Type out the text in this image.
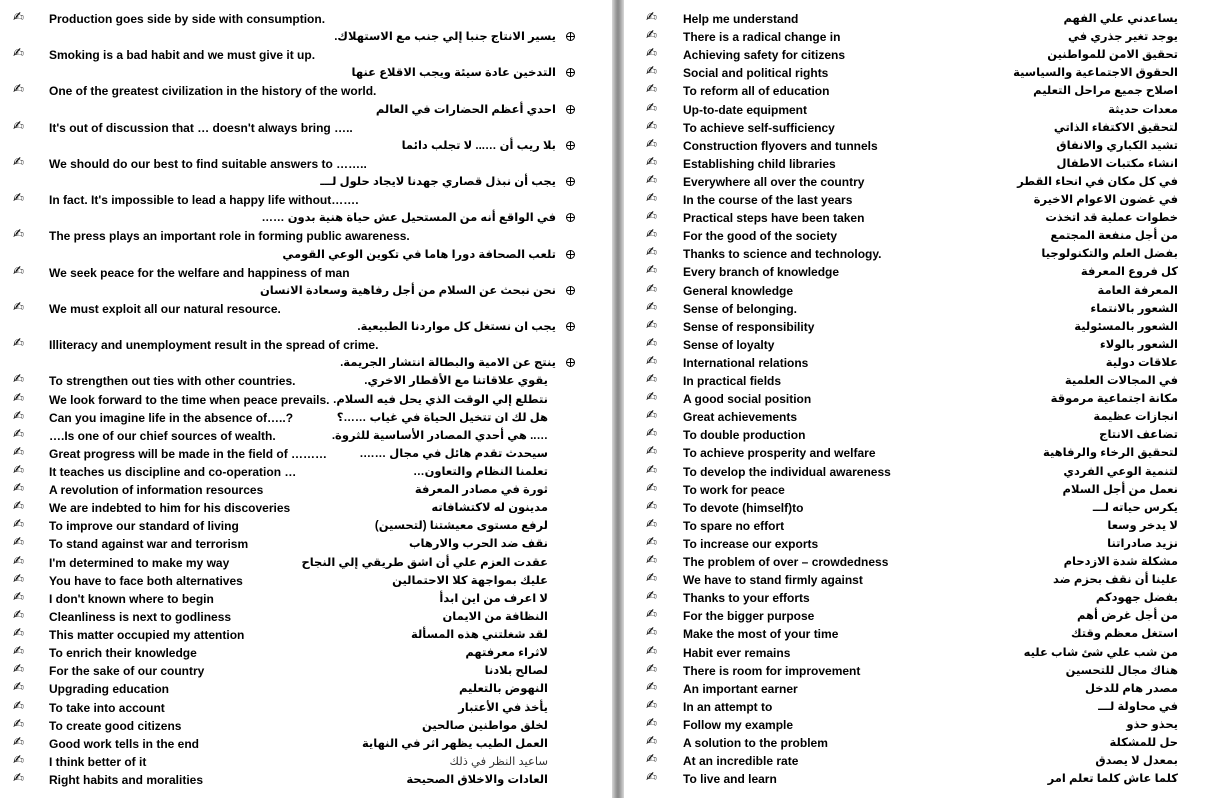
✍ Production goes side by side with consumption.
يسير الانتاج جنبا إلي جنب مع الاستهلاك.
✍ Smoking is a bad habit and we must give it up.
التدخين عادة سيئة ويجب الاقلاع عنها
✍ One of the greatest civilization in the history of the world.
احدي أعظم الحضارات في العالم
✍ It's out of discussion that … doesn't always bring …..
بلا ريب أن …... لا تجلب دائما
✍ We should do our best to find suitable answers to ……..
يجب أن نبذل قصاري جهدنا لايجاد حلول لـــ
✍ In fact. It's impossible to lead a happy life without…….
في الواقع أنه من المستحيل عش حياة هنية بدون ……
✍ The press plays an important role in forming public awareness.
تلعب الصحافة دورا هاما في تكوين الوعي القومي
✍ We seek peace for the welfare and happiness of man
نحن نبحث عن السلام من أجل رفاهية وسعادة الانسان
✍ We must exploit all our natural resource.
يجب ان نستغل كل مواردنا الطبيعية.
✍ Illiteracy and unemployment result in the spread of crime.
ينتج عن الامية والبطالة انتشار الجريمة.
✍ To strengthen out ties with other countries.	يقوي علاقاتنا مع الأقطار الاخري.
✍ We look forward to the time when peace prevails. نتطلع إلي الوقت الذي يحل فيه السلام.
✍ Can you imagine life in the absence of…..?	هل لك ان تتخيل الحياة في غياب ……؟
✍ ….Is one of our chief sources of wealth.	….. هي أحدي المصادر الأساسية للثروة.
✍ Great progress will be made in the field of ………	سيحدث تقدم هائل في مجال …….
✍ It teaches us discipline and co-operation …	تعلمنا النظام والتعاون…
✍ A revolution of information resources	ثورة في مصادر المعرفة
✍ We are indebted to him for his discoveries	مدينون له لاكتشافاته
✍ To improve our standard of living	لرفع مستوى معيشتنا (لتحسين)
✍ To stand against war and terrorism	نقف ضد الحرب والارهاب
✍ I'm determined to make my way	عقدت العزم علي أن اشق طريقي إلي النجاح
✍ You have to face both alternatives	عليك بمواجهة كلا الاحتمالين
✍ I don't known where to begin	لا اعرف من اين ابدأ
✍ Cleanliness is next to godliness	النظافة من الايمان
✍ This matter occupied my attention	لقد شغلتني هذه المسألة
✍ To enrich their knowledge	لاثراء معرفتهم
✍ For the sake of our country	لصالح بلادنا
✍ Upgrading education	النهوض بالتعليم
✍ To take into account	يأخذ في الأعتبار
✍ To create good citizens	لخلق مواطنين صالحين
✍ Good work tells in the end	العمل الطيب يظهر اثر في النهاية
✍ I think better of it	ساعيد النظر في ذلك
✍ Right habits and moralities	العادات والاخلاق الصحيحة
✍ Help me understand	يساعدني علي الفهم
✍ There is a radical change in	يوجد تغير جذري في
✍ Achieving safety for citizens	تحقيق الامن للمواطنين
✍ Social and political rights	الحقوق الاجتماعية والسياسية
✍ To reform all of education	اصلاح جميع مراحل التعليم
✍ Up-to-date equipment	معدات حديثة
✍ To achieve self-sufficiency	لتحقيق الاكتفاء الذاتي
✍ Construction flyovers and tunnels	تشيد الكباري والانفاق
✍ Establishing child libraries	انشاء مكتبات الاطفال
✍ Everywhere all over the country	في كل مكان في انحاء القطر
✍ In the course of the last years	في غضون الاعوام الاخيرة
✍ Practical steps have been taken	خطوات عملية قد اتخذت
✍ For the good of the society	من أجل منفعة المجتمع
✍ Thanks to science and technology.	بفضل العلم والتكنولوجيا
✍ Every branch of knowledge	كل فروع المعرفة
✍ General knowledge	المعرفة العامة
✍ Sense of belonging.	الشعور بالانتماء
✍ Sense of responsibility	الشعور بالمسئولية
✍ Sense of loyalty	الشعور بالولاء
✍ International relations	علاقات دولية
✍ In practical fields	في المجالات العلمية
✍ A good social position	مكانة اجتماعية مرموقة
✍ Great achievements	انجازات عظيمة
✍ To double production	تضاعف الانتاج
✍ To achieve prosperity and welfare	لتحقيق الرخاء والرفاهية
✍ To develop the individual awareness	لتنمية الوعي الفردي
✍ To work for peace	نعمل من أجل السلام
✍ To devote (himself)to	يكرس حياته لـــ
✍ To spare no effort	لا يدخر وسعا
✍ To increase our exports	نزيد صادراتنا
✍ The problem of over – crowdedness	مشكلة شدة الازدحام
✍ We have to stand firmly against	علينا أن نقف بحزم ضد
✍ Thanks to your efforts	بفضل جهودكم
✍ For the bigger purpose	من أجل غرض أهم
✍ Make the most of your time	استغل معظم وقتك
✍ Habit ever remains	من شب علي شئ شاب عليه
✍ There is room for improvement	هناك مجال للتحسين
✍ An important earner	مصدر هام للدخل
✍ In an attempt to	في محاولة لـــ
✍ Follow my example	يحذو حذو
✍ A solution to the problem	حل للمشكلة
✍ At an incredible rate	بمعدل لا يصدق
✍ To live and learn	كلما عاش كلما تعلم امر
